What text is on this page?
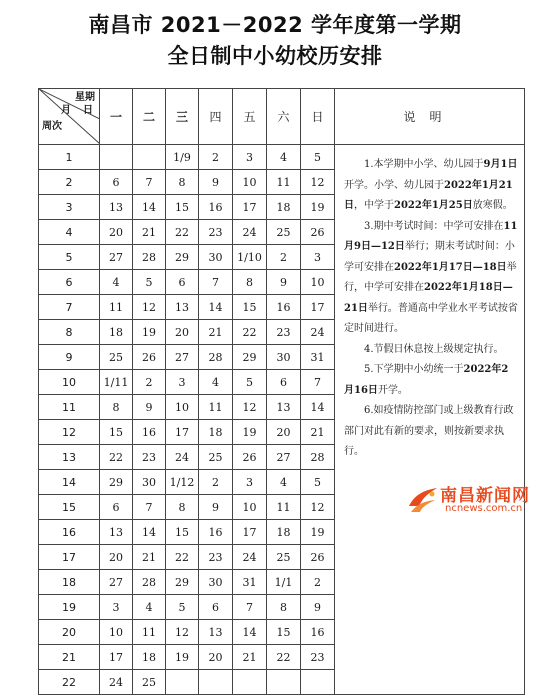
南昌市 2021－2022 学年度第一学期
全日制中小幼校历安排
星期
月 日
周次	一	二	三	四	五	六	日	说明
1			1/9	2	3	4	5	1.本学期中小学、幼儿园于9月1日开学。小学、幼儿园于2022年1月21日，中学于2022年1月25日放寒假。

3.期中考试时间：中学可安排在11月9日—12日举行；期末考试时间：小学可安排在2022年1月17日—18日举行，中学可安排在2022年1月18日—21日举行。普通高中学业水平考试按省定时间进行。

4.节假日休息按上级规定执行。

5.下学期中小幼统一于2022年2月16日开学。

6.如疫情防控部门或上级教育行政部门对此有新的要求，则按新要求执行。

2	6	7	8	9	10	11	12	
3	13	14	15	16	17	18	19	
4	20	21	22	23	24	25	26	
5	27	28	29	30	1/10	2	3	
6	4	5	6	7	8	9	10	
7	11	12	13	14	15	16	17	
8	18	19	20	21	22	23	24	
9	25	26	27	28	29	30	31	
10	1/11	2	3	4	5	6	7	
11	8	9	10	11	12	13	14	
12	15	16	17	18	19	20	21	
13	22	23	24	25	26	27	28	
14	29	30	1/12	2	3	4	5	
15	6	7	8	9	10	11	12	
16	13	14	15	16	17	18	19	
17	20	21	22	23	24	25	26	
18	27	28	29	30	31	1/1	2	
19	3	4	5	6	7	8	9	
20	10	11	12	13	14	15	16	
21	17	18	19	20	21	22	23	
22	24	25						
南昌新闻网
ncnews.com.cn
